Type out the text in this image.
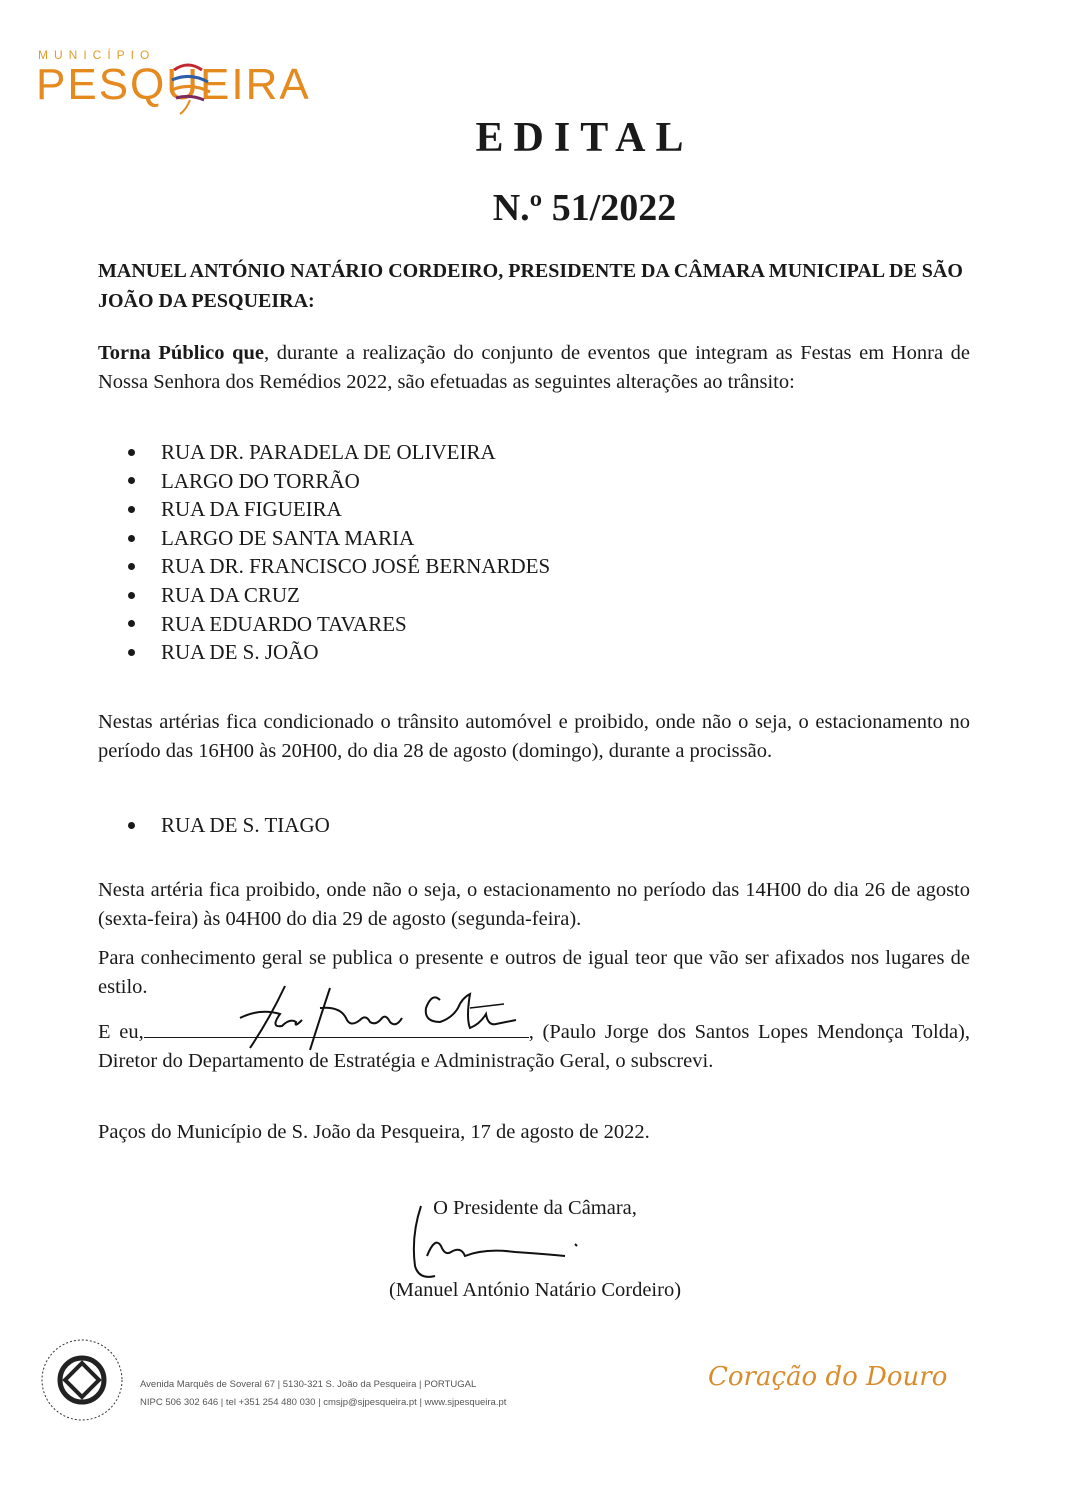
MUNICÍPIO
PESQUEIRA
EDITAL
N.º 51/2022
MANUEL ANTÓNIO NATÁRIO CORDEIRO, PRESIDENTE DA CÂMARA MUNICIPAL DE SÃO JOÃO DA PESQUEIRA:
Torna Público que, durante a realização do conjunto de eventos que integram as Festas em Honra de Nossa Senhora dos Remédios 2022, são efetuadas as seguintes alterações ao trânsito:
RUA DR. PARADELA DE OLIVEIRA
LARGO DO TORRÃO
RUA DA FIGUEIRA
LARGO DE SANTA MARIA
RUA DR. FRANCISCO JOSÉ BERNARDES
RUA DA CRUZ
RUA EDUARDO TAVARES
RUA DE S. JOÃO
Nestas artérias fica condicionado o trânsito automóvel e proibido, onde não o seja, o estacionamento no período das 16H00 às 20H00, do dia 28 de agosto (domingo), durante a procissão.
RUA DE S. TIAGO
Nesta artéria fica proibido, onde não o seja, o estacionamento no período das 14H00 do dia 26 de agosto (sexta-feira) às 04H00 do dia 29 de agosto (segunda-feira).
Para conhecimento geral se publica o presente e outros de igual teor que vão ser afixados nos lugares de estilo.
E eu,	, (Paulo Jorge dos Santos Lopes Mendonça Tolda), Diretor do Departamento de Estratégia e Administração Geral, o subscrevi.
Paços do Município de S. João da Pesqueira, 17 de agosto de 2022.
O Presidente da Câmara,
(Manuel António Natário Cordeiro)
Avenida Marquês de Soveral 67 | 5130-321 S. João da Pesqueira | PORTUGAL
NIPC 506 302 646 | tel +351 254 480 030 | cmsjp@sjpesqueira.pt | www.sjpesqueira.pt
Coração do Douro
